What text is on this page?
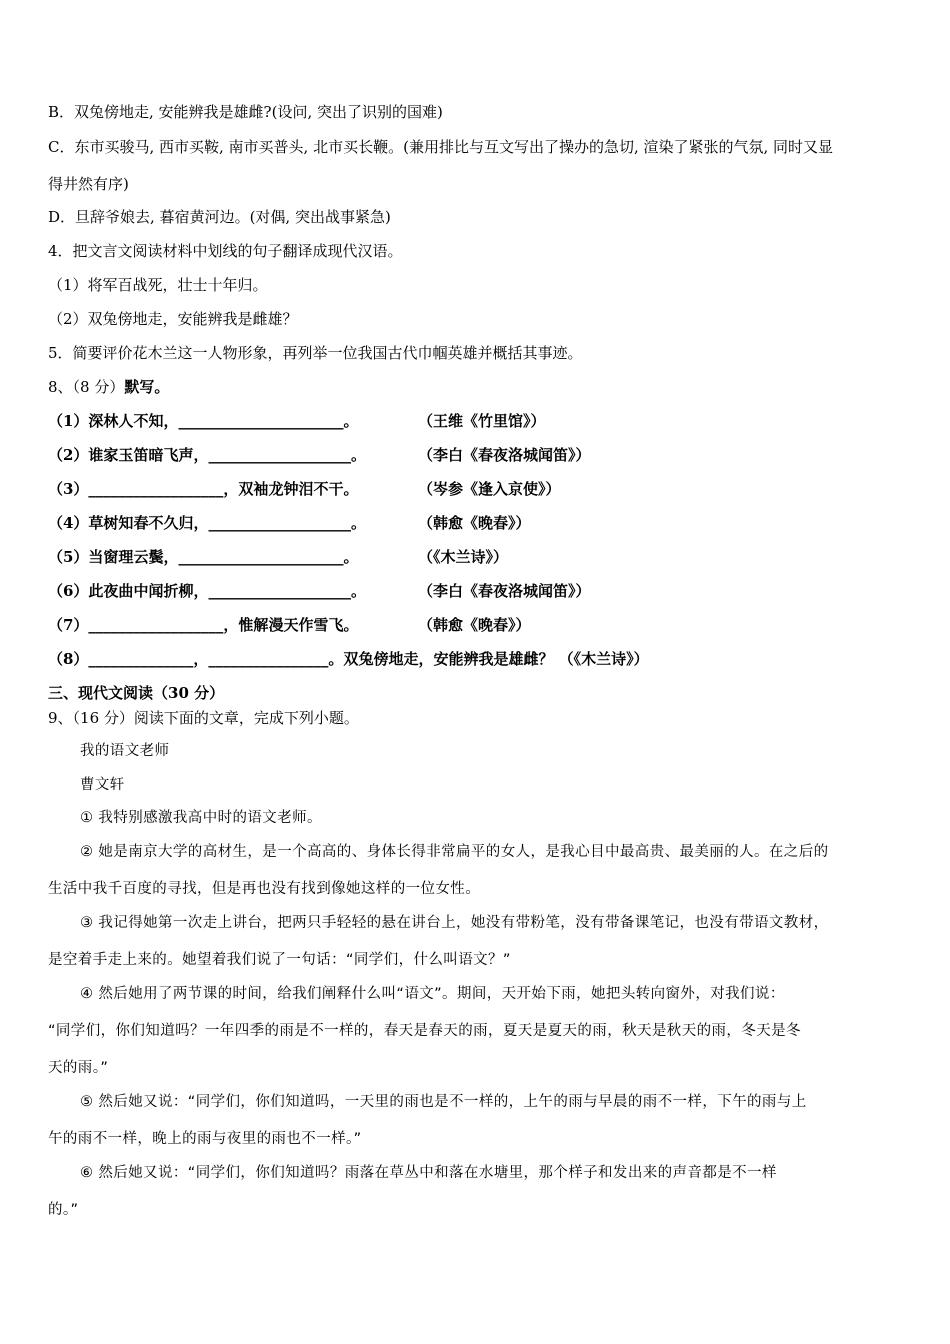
B．双兔傍地走, 安能辨我是雄雌?(设问, 突出了识别的国难)
C．东市买骏马, 西市买鞍, 南市买普头, 北市买长鞭。(兼用排比与互文写出了操办的急切, 渲染了紧张的气氛, 同时又显
得井然有序)
D．旦辞爷娘去, 暮宿黄河边。(对偶, 突出战事紧急)
4．把文言文阅读材料中划线的句子翻译成现代汉语。
（1）将军百战死，壮士十年归。
（2）双兔傍地走，安能辨我是雌雄？
5．简要评价花木兰这一人物形象，再列举一位我国古代巾帼英雄并概括其事迹。
8、（8 分）默写。
（1）深林人不知，______________________。	（王维《竹里馆》）
（2）谁家玉笛暗飞声，___________________。	（李白《春夜洛城闻笛》）
（3）__________________，双袖龙钟泪不干。	（岑参《逢入京使》）
（4）草树知春不久归，___________________。	（韩愈《晚春》）
（5）当窗理云鬓，______________________。	（《木兰诗》）
（6）此夜曲中闻折柳，___________________。	（李白《春夜洛城闻笛》）
（7）__________________，惟解漫天作雪飞。	（韩愈《晚春》）
（8）______________，________________。双兔傍地走，安能辨我是雄雌？ （《木兰诗》）
三、现代文阅读（30 分）
9、（16 分）阅读下面的文章，完成下列小题。
我的语文老师
曹文轩
① 我特别感激我高中时的语文老师。
② 她是南京大学的高材生，是一个高高的、身体长得非常扁平的女人，是我心目中最高贵、最美丽的人。在之后的
生活中我千百度的寻找，但是再也没有找到像她这样的一位女性。
③ 我记得她第一次走上讲台，把两只手轻轻的悬在讲台上，她没有带粉笔，没有带备课笔记，也没有带语文教材，
是空着手走上来的。她望着我们说了一句话：“同学们，什么叫语文？”
④ 然后她用了两节课的时间，给我们阐释什么叫“语文”。期间，天开始下雨，她把头转向窗外，对我们说：
“同学们，你们知道吗？一年四季的雨是不一样的，春天是春天的雨，夏天是夏天的雨，秋天是秋天的雨，冬天是冬
天的雨。”
⑤ 然后她又说：“同学们，你们知道吗，一天里的雨也是不一样的，上午的雨与早晨的雨不一样，下午的雨与上
午的雨不一样，晚上的雨与夜里的雨也不一样。”
⑥ 然后她又说：“同学们，你们知道吗？雨落在草丛中和落在水塘里，那个样子和发出来的声音都是不一样
的。”
